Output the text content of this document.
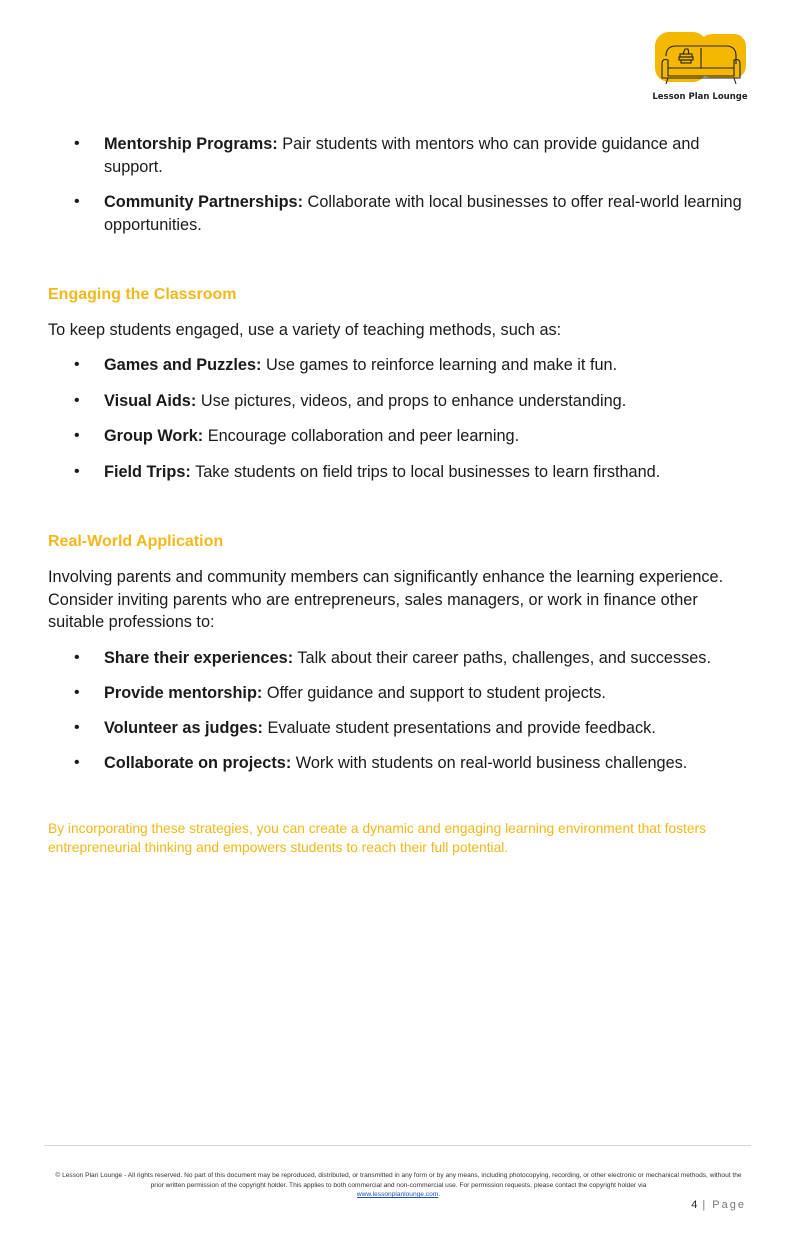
Lesson Plan Lounge
• Mentorship Programs: Pair students with mentors who can provide guidance and support.
• Community Partnerships: Collaborate with local businesses to offer real-world learning opportunities.
Engaging the Classroom

To keep students engaged, use a variety of teaching methods, such as:

• Games and Puzzles: Use games to reinforce learning and make it fun.
• Visual Aids: Use pictures, videos, and props to enhance understanding.
• Group Work: Encourage collaboration and peer learning.
• Field Trips: Take students on field trips to local businesses to learn firsthand.
Real-World Application

Involving parents and community members can significantly enhance the learning experience. Consider inviting parents who are entrepreneurs, sales managers, or work in finance other suitable professions to:

• Share their experiences: Talk about their career paths, challenges, and successes.
• Provide mentorship: Offer guidance and support to student projects.
• Volunteer as judges: Evaluate student presentations and provide feedback.
• Collaborate on projects: Work with students on real-world business challenges.

By incorporating these strategies, you can create a dynamic and engaging learning environment that fosters entrepreneurial thinking and empowers students to reach their full potential.

© Lesson Plan Lounge - All rights reserved. No part of this document may be reproduced, distributed, or transmitted in any form or by any means, including photocopying, recording, or other electronic or mechanical methods, without the prior written permission of the copyright holder. This applies to both commercial and non-commercial use. For permission requests, please contact the copyright holder via
www.lessonplanlounge.com.

4 | Page
